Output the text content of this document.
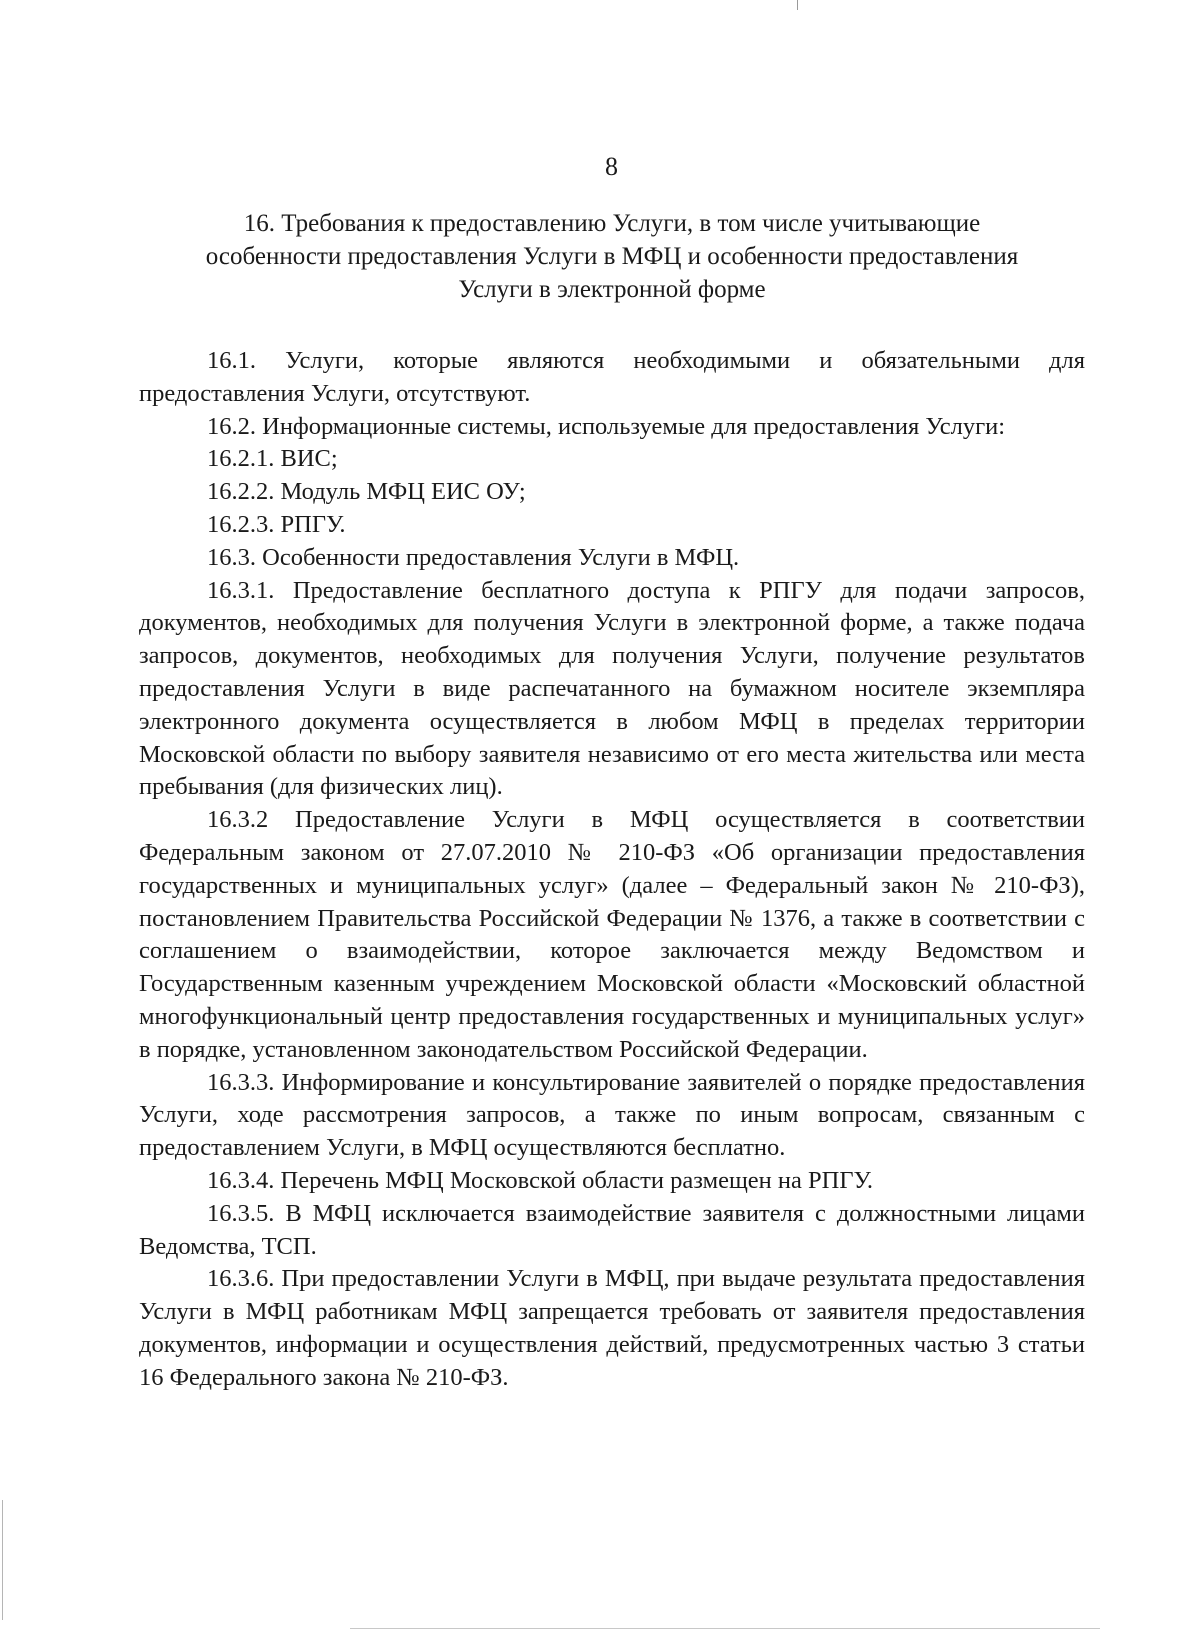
8
16. Требования к предоставлению Услуги, в том числе учитывающие
особенности предоставления Услуги в МФЦ и особенности предоставления
Услуги в электронной форме

16.1. Услуги, которые являются необходимыми и обязательными для предоставления Услуги, отсутствуют.

16.2. Информационные системы, используемые для предоставления Услуги:

16.2.1. ВИС;

16.2.2. Модуль МФЦ ЕИС ОУ;

16.2.3. РПГУ.

16.3. Особенности предоставления Услуги в МФЦ.

16.3.1. Предоставление бесплатного доступа к РПГУ для подачи запросов, документов, необходимых для получения Услуги в электронной форме, а также подача запросов, документов, необходимых для получения Услуги, получение результатов предоставления Услуги в виде распечатанного на бумажном носителе экземпляра электронного документа осуществляется в любом МФЦ в пределах территории Московской области по выбору заявителя независимо от его места жительства или места пребывания (для физических лиц).

16.3.2 Предоставление Услуги в МФЦ осуществляется в соответствии Федеральным законом от 27.07.2010 № 210-ФЗ «Об организации предоставления государственных и муниципальных услуг» (далее – Федеральный закон № 210-ФЗ), постановлением Правительства Российской Федерации № 1376, а также в соответствии с соглашением о взаимодействии, которое заключается между Ведомством и Государственным казенным учреждением Московской области «Московский областной многофункциональный центр предоставления государственных и муниципальных услуг» в порядке, установленном законодательством Российской Федерации.

16.3.3. Информирование и консультирование заявителей о порядке предоставления Услуги, ходе рассмотрения запросов, а также по иным вопросам, связанным с предоставлением Услуги, в МФЦ осуществляются бесплатно.

16.3.4. Перечень МФЦ Московской области размещен на РПГУ.

16.3.5. В МФЦ исключается взаимодействие заявителя с должностными лицами Ведомства, ТСП.

16.3.6. При предоставлении Услуги в МФЦ, при выдаче результата предоставления Услуги в МФЦ работникам МФЦ запрещается требовать от заявителя предоставления документов, информации и осуществления действий, предусмотренных частью 3 статьи 16 Федерального закона № 210-ФЗ.
